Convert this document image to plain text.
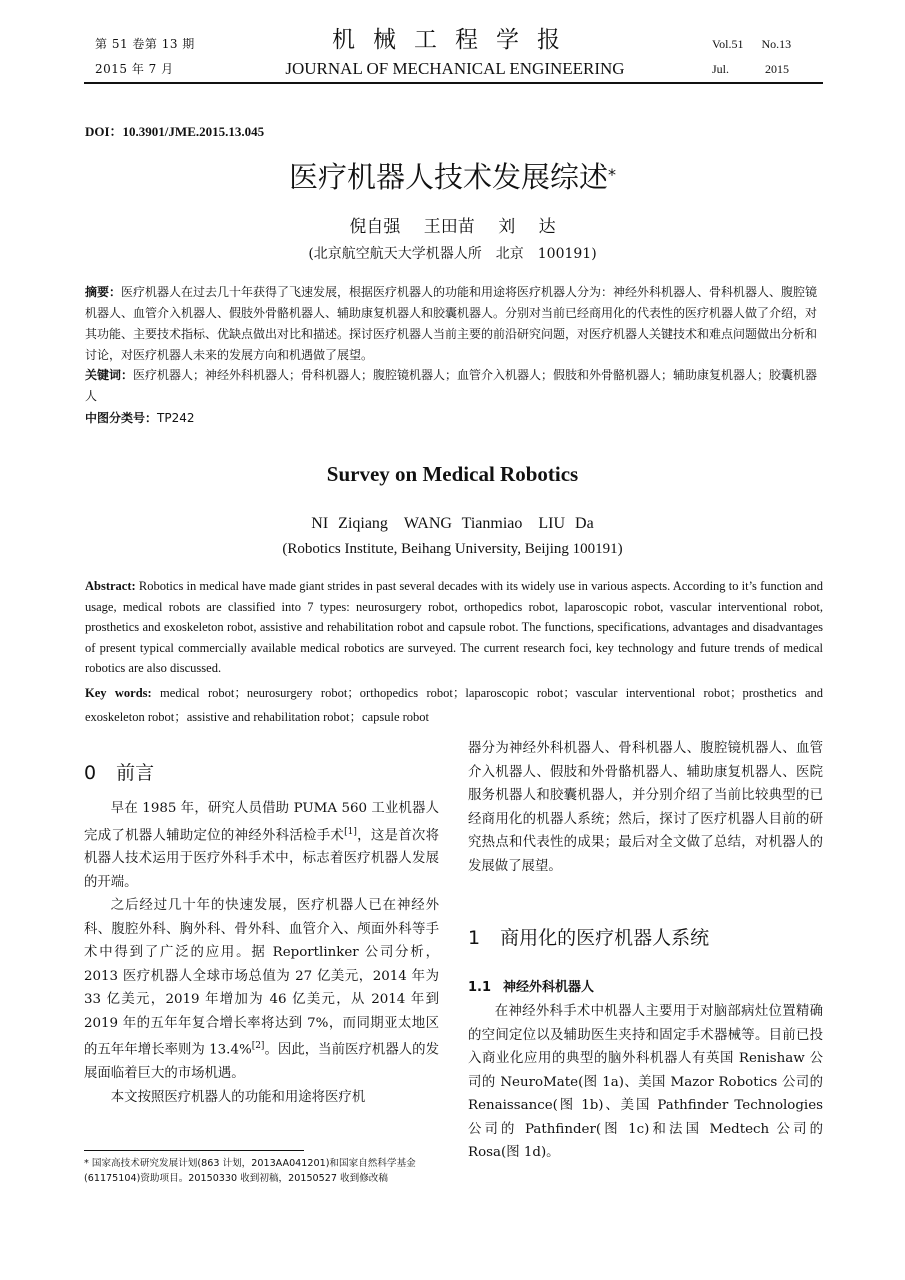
第 51 卷第 13 期
2015 年 7 月
机械工程学报
JOURNAL OF MECHANICAL ENGINEERING
Vol.51 No.13
Jul.	2015
DOI：10.3901/JME.2015.13.045
医疗机器人技术发展综述*
倪自强 王田苗 刘 达
(北京航空航天大学机器人所　北京　100191)
摘要：医疗机器人在过去几十年获得了飞速发展，根据医疗机器人的功能和用途将医疗机器人分为：神经外科机器人、骨科机器人、腹腔镜机器人、血管介入机器人、假肢外骨骼机器人、辅助康复机器人和胶囊机器人。分别对当前已经商用化的代表性的医疗机器人做了介绍，对其功能、主要技术指标、优缺点做出对比和描述。探讨医疗机器人当前主要的前沿研究问题，对医疗机器人关键技术和难点问题做出分析和讨论，对医疗机器人未来的发展方向和机遇做了展望。
关键词：医疗机器人；神经外科机器人；骨科机器人；腹腔镜机器人；血管介入机器人；假肢和外骨骼机器人；辅助康复机器人；胶囊机器人
中图分类号：TP242
Survey on Medical Robotics
NI Ziqiang　WANG Tianmiao　LIU Da
(Robotics Institute, Beihang University, Beijing 100191)
Abstract: Robotics in medical have made giant strides in past several decades with its widely use in various aspects. According to it’s function and usage, medical robots are classified into 7 types: neurosurgery robot, orthopedics robot, laparoscopic robot, vascular interventional robot, prosthetics and exoskeleton robot, assistive and rehabilitation robot and capsule robot. The functions, specifications, advantages and disadvantages of present typical commercially available medical robotics are surveyed. The current research foci, key technology and future trends of medical robotics are also discussed.
Key words: medical robot；neurosurgery robot；orthopedics robot；laparoscopic robot；vascular interventional robot；prosthetics and exoskeleton robot；assistive and rehabilitation robot；capsule robot
0 前言

早在 1985 年，研究人员借助 PUMA 560 工业机器人完成了机器人辅助定位的神经外科活检手术[1]，这是首次将机器人技术运用于医疗外科手术中，标志着医疗机器人发展的开端。

之后经过几十年的快速发展，医疗机器人已在神经外科、腹腔外科、胸外科、骨外科、血管介入、颅面外科等手术中得到了广泛的应用。据 Reportlinker 公司分析，2013 医疗机器人全球市场总值为 27 亿美元，2014 年为 33 亿美元，2019 年增加为 46 亿美元，从 2014 年到 2019 年的五年年复合增长率将达到 7%，而同期亚太地区的五年年增长率则为 13.4%[2]。因此，当前医疗机器人的发展面临着巨大的市场机遇。

本文按照医疗机器人的功能和用途将医疗机

器分为神经外科机器人、骨科机器人、腹腔镜机器人、血管介入机器人、假肢和外骨骼机器人、辅助康复机器人、医院服务机器人和胶囊机器人，并分别介绍了当前比较典型的已经商用化的机器人系统；然后，探讨了医疗机器人目前的研究热点和代表性的成果；最后对全文做了总结，对机器人的发展做了展望。

1 商用化的医疗机器人系统
1.1 神经外科机器人

在神经外科手术中机器人主要用于对脑部病灶位置精确的空间定位以及辅助医生夹持和固定手术器械等。目前已投入商业化应用的典型的脑外科机器人有英国 Renishaw 公司的 NeuroMate(图 1a)、美国 Mazor Robotics 公司的 Renaissance(图 1b)、美国 Pathfinder Technologies 公司的 Pathfinder(图 1c)和法国 Medtech 公司的 Rosa(图 1d)。

* 国家高技术研究发展计划(863 计划，2013AA041201)和国家自然科学基金(61175104)资助项目。20150330 收到初稿，20150527 收到修改稿
